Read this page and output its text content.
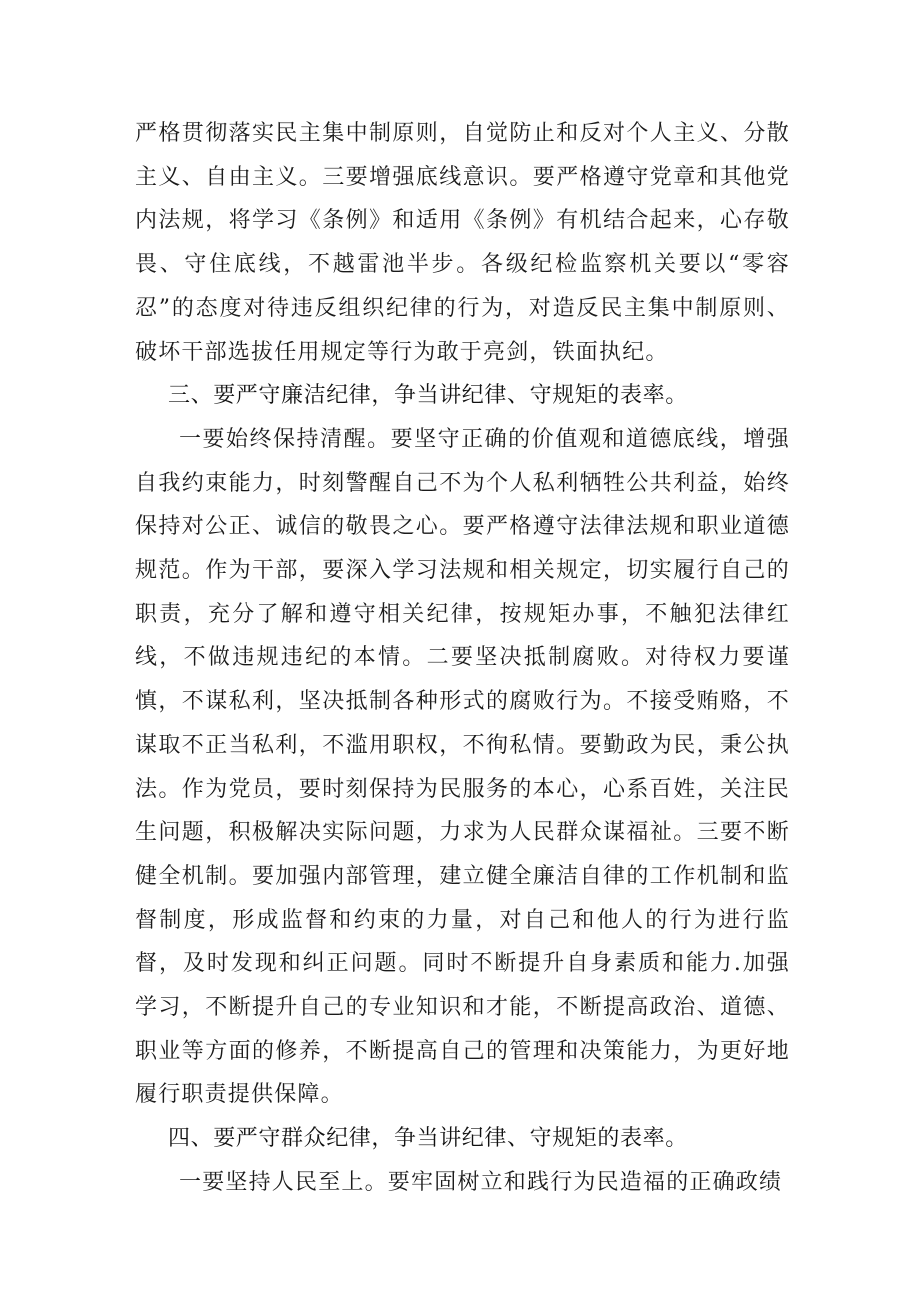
严格贯彻落实民主集中制原则，自觉防止和反对个人主义、分散主义、自由主义。三要增强底线意识。要严格遵守党章和其他党内法规，将学习《条例》和适用《条例》有机结合起来，心存敬畏、守住底线，不越雷池半步。各级纪检监察机关要以“零容忍”的态度对待违反组织纪律的行为，对造反民主集中制原则、破坏干部选拔任用规定等行为敢于亮剑，铁面执纪。

三、要严守廉洁纪律，争当讲纪律、守规矩的表率。

一要始终保持清醒。要坚守正确的价值观和道德底线，增强自我约束能力，时刻警醒自己不为个人私利牺牲公共利益，始终保持对公正、诚信的敬畏之心。要严格遵守法律法规和职业道德规范。作为干部，要深入学习法规和相关规定，切实履行自己的职责，充分了解和遵守相关纪律，按规矩办事，不触犯法律红线，不做违规违纪的本情。二要坚决抵制腐败。对待权力要谨慎，不谋私利，坚决抵制各种形式的腐败行为。不接受贿赂，不谋取不正当私利，不滥用职权，不徇私情。要勤政为民，秉公执法。作为党员，要时刻保持为民服务的本心，心系百姓，关注民生问题，积极解决实际问题，力求为人民群众谋福祉。三要不断健全机制。要加强内部管理，建立健全廉洁自律的工作机制和监督制度，形成监督和约束的力量，对自己和他人的行为进行监督，及时发现和纠正问题。同时不断提升自身素质和能力.加强学习，不断提升自己的专业知识和才能，不断提高政治、道德、职业等方面的修养，不断提高自己的管理和决策能力，为更好地履行职责提供保障。

四、要严守群众纪律，争当讲纪律、守规矩的表率。

一要坚持人民至上。要牢固树立和践行为民造福的正确政绩
